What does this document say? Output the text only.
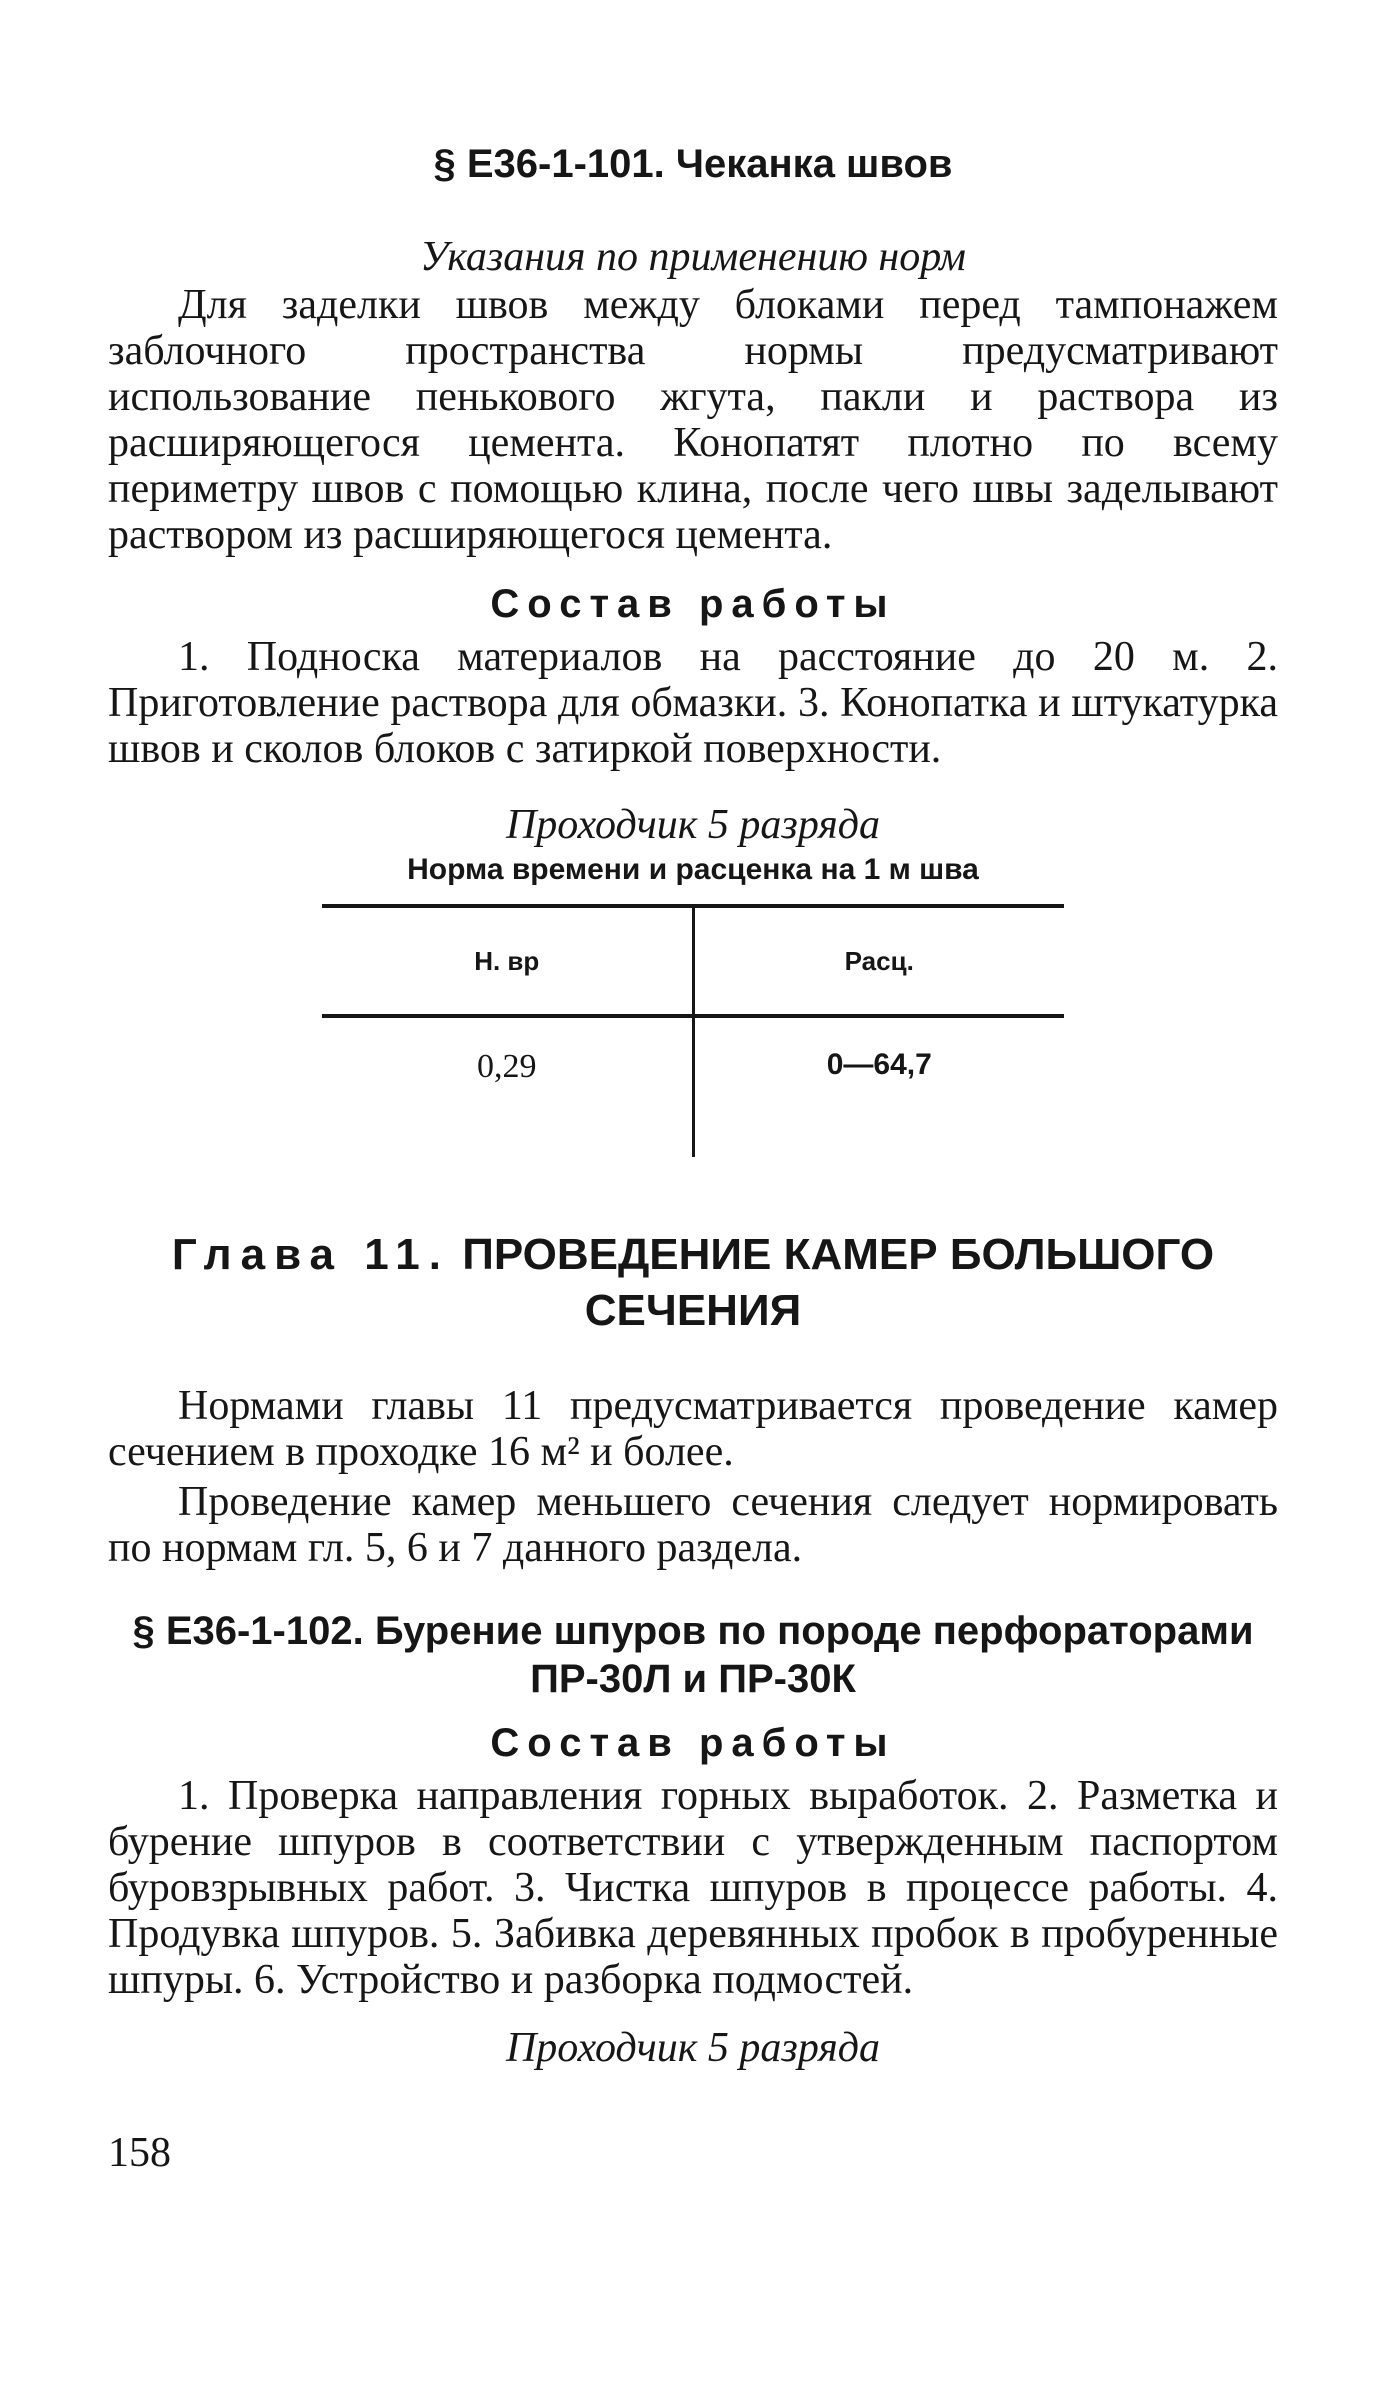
§ Е36-1-101. Чеканка швов

Указания по применению норм

Для заделки швов между блоками перед тампонажем заблочного пространства нормы предусматривают использование пенькового жгута, пакли и раствора из расширяющегося цемента. Конопатят плотно по всему периметру швов с помощью клина, после чего швы заделывают раствором из расширяющегося цемента.

Состав работы

1. Подноска материалов на расстояние до 20 м. 2. Приготовление раствора для обмазки. 3. Конопатка и штукатурка швов и сколов блоков с затиркой поверхности.

Проходчик 5 разряда

Норма времени и расценка на 1 м шва

Н. вр	Расц.
0,29	0—64,7
Глава 11. ПРОВЕДЕНИЕ КАМЕР БОЛЬШОГО
СЕЧЕНИЯ

Нормами главы 11 предусматривается проведение камер сечением в проходке 16 м² и более.

Проведение камер меньшего сечения следует нормировать по нормам гл. 5, 6 и 7 данного раздела.

§ Е36-1-102. Бурение шпуров по породе перфораторами
ПР-30Л и ПР-30К

Состав работы

1. Проверка направления горных выработок. 2. Разметка и бурение шпуров в соответствии с утвержденным паспортом буровзрывных работ. 3. Чистка шпуров в процессе работы. 4. Продувка шпуров. 5. Забивка деревянных пробок в пробуренные шпуры. 6. Устройство и разборка подмостей.

Проходчик 5 разряда

158
